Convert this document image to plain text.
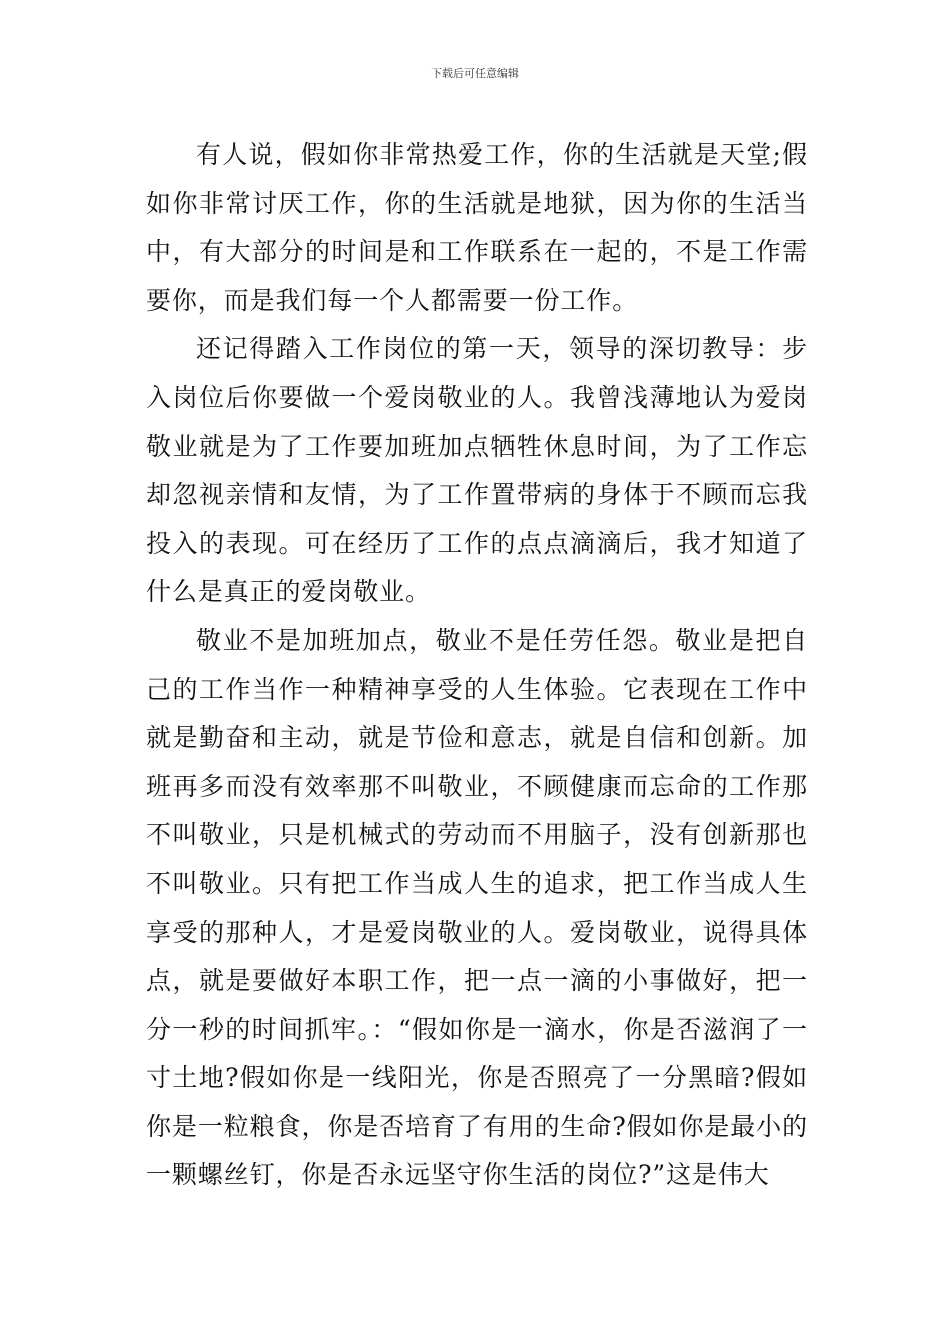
下载后可任意编辑

有人说，假如你非常热爱工作，你的生活就是天堂;假如你非常讨厌工作，你的生活就是地狱，因为你的生活当中，有大部分的时间是和工作联系在一起的，不是工作需要你，而是我们每一个人都需要一份工作。

还记得踏入工作岗位的第一天，领导的深切教导：步入岗位后你要做一个爱岗敬业的人。我曾浅薄地认为爱岗敬业就是为了工作要加班加点牺牲休息时间，为了工作忘却忽视亲情和友情，为了工作置带病的身体于不顾而忘我投入的表现。可在经历了工作的点点滴滴后，我才知道了什么是真正的爱岗敬业。

敬业不是加班加点，敬业不是任劳任怨。敬业是把自己的工作当作一种精神享受的人生体验。它表现在工作中就是勤奋和主动，就是节俭和意志，就是自信和创新。加班再多而没有效率那不叫敬业，不顾健康而忘命的工作那不叫敬业，只是机械式的劳动而不用脑子，没有创新那也不叫敬业。只有把工作当成人生的追求，把工作当成人生享受的那种人，才是爱岗敬业的人。爱岗敬业，说得具体点，就是要做好本职工作，把一点一滴的小事做好，把一分一秒的时间抓牢。：“假如你是一滴水，你是否滋润了一寸土地?假如你是一线阳光，你是否照亮了一分黑暗?假如你是一粒粮食，你是否培育了有用的生命?假如你是最小的一颗螺丝钉，你是否永远坚守你生活的岗位?”这是伟大
